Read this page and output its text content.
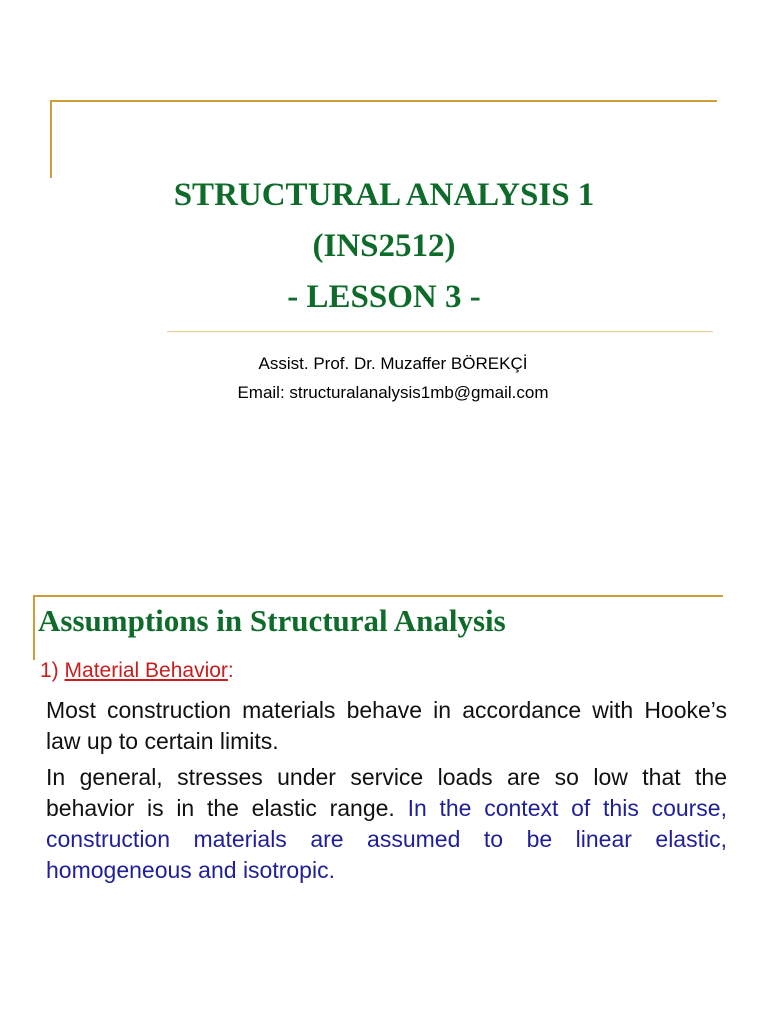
STRUCTURAL ANALYSIS 1
(INS2512)
- LESSON 3 -
Assist. Prof. Dr. Muzaffer BÖREKÇİ
Email: structuralanalysis1mb@gmail.com
Assumptions in Structural Analysis
1) Material Behavior:
Most construction materials behave in accordance with Hooke’s law up to certain limits.
In general, stresses under service loads are so low that the behavior is in the elastic range. In the context of this course, construction materials are assumed to be linear elastic, homogeneous and isotropic.
